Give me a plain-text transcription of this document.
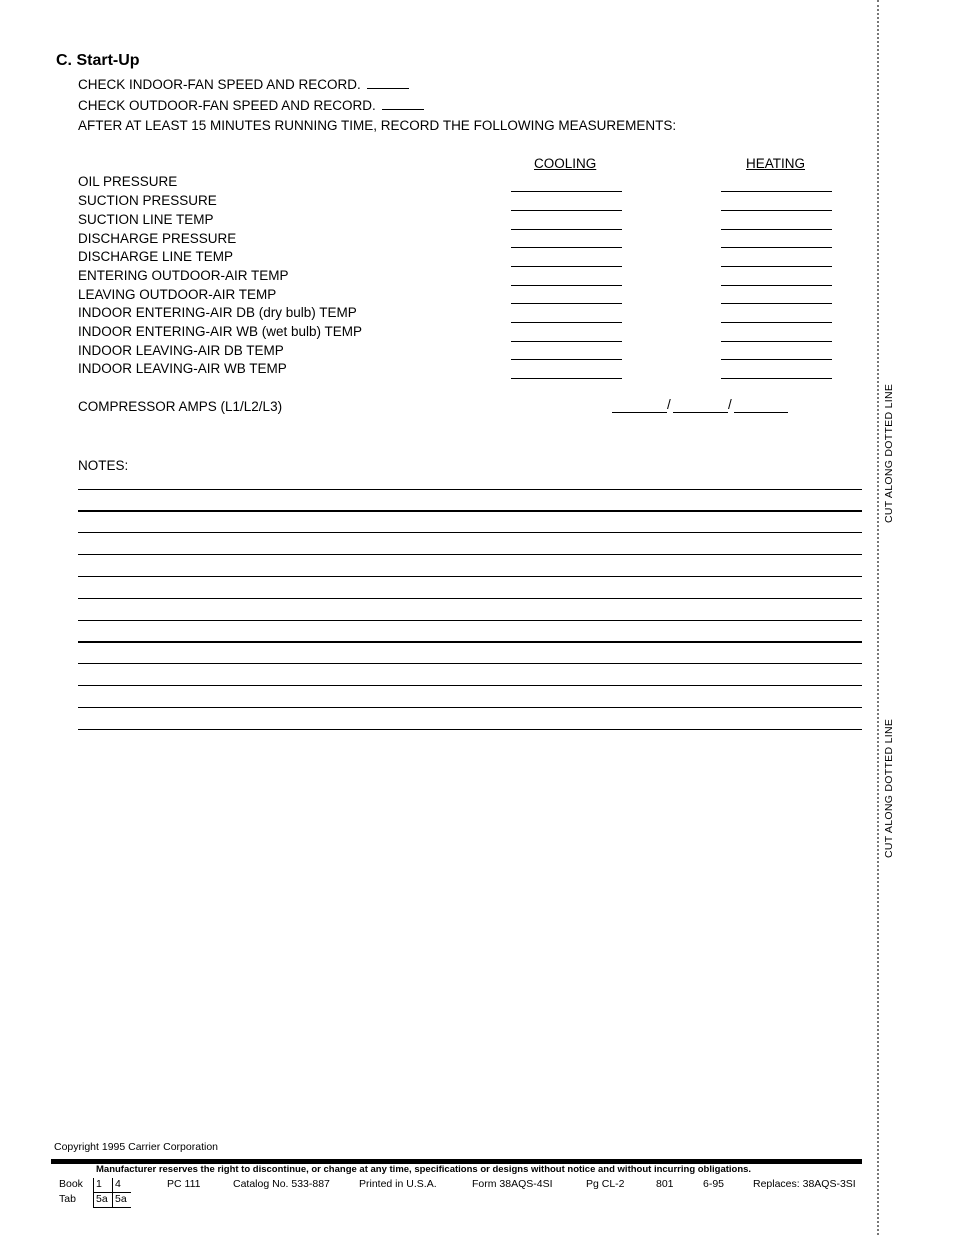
C. Start-Up
CHECK INDOOR-FAN SPEED AND RECORD.
CHECK OUTDOOR-FAN SPEED AND RECORD.
AFTER AT LEAST 15 MINUTES RUNNING TIME, RECORD THE FOLLOWING MEASUREMENTS:
COOLING	HEATING
OIL PRESSURE
SUCTION PRESSURE
SUCTION LINE TEMP
DISCHARGE PRESSURE
DISCHARGE LINE TEMP
ENTERING OUTDOOR-AIR TEMP
LEAVING OUTDOOR-AIR TEMP
INDOOR ENTERING-AIR DB (dry bulb) TEMP
INDOOR ENTERING-AIR WB (wet bulb) TEMP
INDOOR LEAVING-AIR DB TEMP
INDOOR LEAVING-AIR WB TEMP
COMPRESSOR AMPS (L1/L2/L3)	/	/
NOTES:	CUT ALONG DOTTED LINE
CUT ALONG DOTTED LINE
Copyright 1995 Carrier Corporation
Manufacturer reserves the right to discontinue, or change at any time, specifications or designs without notice and without incurring obligations.
Book 1 4
Tab 5a 5a
PC 111	Catalog No. 533-887	Printed in U.S.A.	Form 38AQS-4SI	Pg CL-2	801	6-95	Replaces: 38AQS-3SI
